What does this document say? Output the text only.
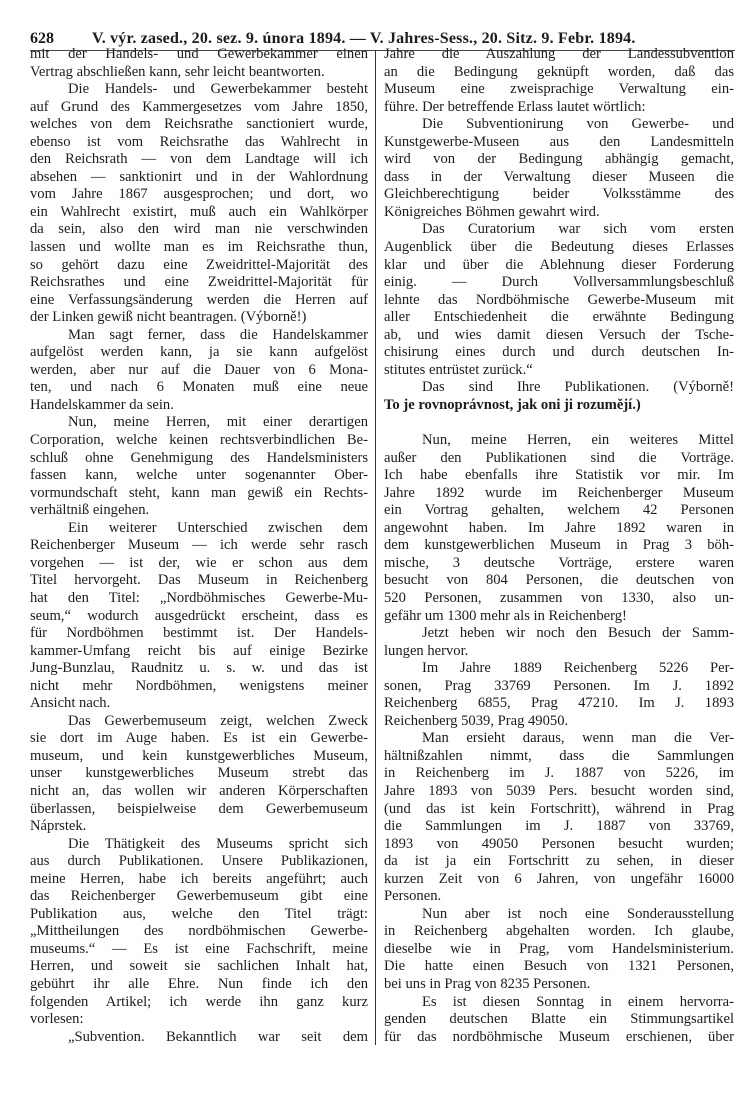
628 V. výr. zased., 20. sez. 9. února 1894. — V. Jahres-Sess., 20. Sitz. 9. Febr. 1894.
mit der Handels- und Gewerbekammer einen
Vertrag abschließen kann, sehr leicht beantworten.
Die Handels- und Gewerbekammer besteht
auf Grund des Kammergesetzes vom Jahre 1850,
welches von dem Reichsrathe sanctioniert wurde,
ebenso ist vom Reichsrathe das Wahlrecht in
den Reichsrath — von dem Landtage will ich
absehen — sanktionirt und in der Wahlordnung
vom Jahre 1867 ausgesprochen; und dort, wo
ein Wahlrecht existirt, muß auch ein Wahlkörper
da sein, also den wird man nie verschwinden
lassen und wollte man es im Reichsrathe thun,
so gehört dazu eine Zweidrittel-Majorität des
Reichsrathes und eine Zweidrittel-Majorität für
eine Verfassungsänderung werden die Herren auf
der Linken gewiß nicht beantragen. (Výborně!)
Man sagt ferner, dass die Handelskammer
aufgelöst werden kann, ja sie kann aufgelöst
werden, aber nur auf die Dauer von 6 Mona-
ten, und nach 6 Monaten muß eine neue
Handelskammer da sein.
Nun, meine Herren, mit einer derartigen
Corporation, welche keinen rechtsverbindlichen Be-
schluß ohne Genehmigung des Handelsministers
fassen kann, welche unter sogenannter Ober-
vormundschaft steht, kann man gewiß ein Rechts-
verhältniß eingehen.
Ein weiterer Unterschied zwischen dem
Reichenberger Museum — ich werde sehr rasch
vorgehen — ist der, wie er schon aus dem
Titel hervorgeht. Das Museum in Reichenberg
hat den Titel: „Nordböhmisches Gewerbe-Mu-
seum,“ wodurch ausgedrückt erscheint, dass es
für Nordböhmen bestimmt ist. Der Handels-
kammer-Umfang reicht bis auf einige Bezirke
Jung-Bunzlau, Raudnitz u. s. w. und das ist
nicht mehr Nordböhmen, wenigstens meiner
Ansicht nach.
Das Gewerbemuseum zeigt, welchen Zweck
sie dort im Auge haben. Es ist ein Gewerbe-
museum, und kein kunstgewerbliches Museum,
unser kunstgewerbliches Museum strebt das
nicht an, das wollen wir anderen Körperschaften
überlassen, beispielweise dem Gewerbemuseum
Náprstek.
Die Thätigkeit des Museums spricht sich
aus durch Publikationen. Unsere Publikazionen,
meine Herren, habe ich bereits angeführt; auch
das Reichenberger Gewerbemuseum gibt eine
Publikation aus, welche den Titel trägt:
„Mittheilungen des nordböhmischen Gewerbe-
museums.“ — Es ist eine Fachschrift, meine
Herren, und soweit sie sachlichen Inhalt hat,
gebührt ihr alle Ehre. Nun finde ich den
folgenden Artikel; ich werde ihn ganz kurz
vorlesen:
„Subvention. Bekanntlich war seit dem
Jahre die Auszahlung der Landessubvention
an die Bedingung geknüpft worden, daß das
Museum eine zweisprachige Verwaltung ein-
führe. Der betreffende Erlass lautet wörtlich:
Die Subventionirung von Gewerbe- und
Kunstgewerbe-Museen aus den Landesmitteln
wird von der Bedingung abhängig gemacht,
dass in der Verwaltung dieser Museen die
Gleichberechtigung beider Volksstämme des
Königreiches Böhmen gewahrt wird.
Das Curatorium war sich vom ersten
Augenblick über die Bedeutung dieses Erlasses
klar und über die Ablehnung dieser Forderung
einig. — Durch Vollversammlungsbeschluß
lehnte das Nordböhmische Gewerbe-Museum mit
aller Entschiedenheit die erwähnte Bedingung
ab, und wies damit diesen Versuch der Tsche-
chisirung eines durch und durch deutschen In-
stitutes entrüstet zurück.“
Das sind Ihre Publikationen. (Výborně!
To je rovnoprávnost, jak oni ji rozumějí.)
Nun, meine Herren, ein weiteres Mittel
außer den Publikationen sind die Vorträge.
Ich habe ebenfalls ihre Statistik vor mir. Im
Jahre 1892 wurde im Reichenberger Museum
ein Vortrag gehalten, welchem 42 Personen
angewohnt haben. Im Jahre 1892 waren in
dem kunstgewerblichen Museum in Prag 3 böh-
mische, 3 deutsche Vorträge, erstere waren
besucht von 804 Personen, die deutschen von
520 Personen, zusammen von 1330, also un-
gefähr um 1300 mehr als in Reichenberg!
Jetzt heben wir noch den Besuch der Samm-
lungen hervor.
Im Jahre 1889 Reichenberg 5226 Per-
sonen, Prag 33769 Personen. Im J. 1892
Reichenberg 6855, Prag 47210. Im J. 1893
Reichenberg 5039, Prag 49050.
Man ersieht daraus, wenn man die Ver-
hältnißzahlen nimmt, dass die Sammlungen
in Reichenberg im J. 1887 von 5226, im
Jahre 1893 von 5039 Pers. besucht worden sind,
(und das ist kein Fortschritt), während in Prag
die Sammlungen im J. 1887 von 33769,
1893 von 49050 Personen besucht wurden;
da ist ja ein Fortschritt zu sehen, in dieser
kurzen Zeit von 6 Jahren, von ungefähr 16000
Personen.
Nun aber ist noch eine Sonderausstellung
in Reichenberg abgehalten worden. Ich glaube,
dieselbe wie in Prag, vom Handelsministerium.
Die hatte einen Besuch von 1321 Personen,
bei uns in Prag von 8235 Personen.
Es ist diesen Sonntag in einem hervorra-
genden deutschen Blatte ein Stimmungsartikel
für das nordböhmische Museum erschienen, über
